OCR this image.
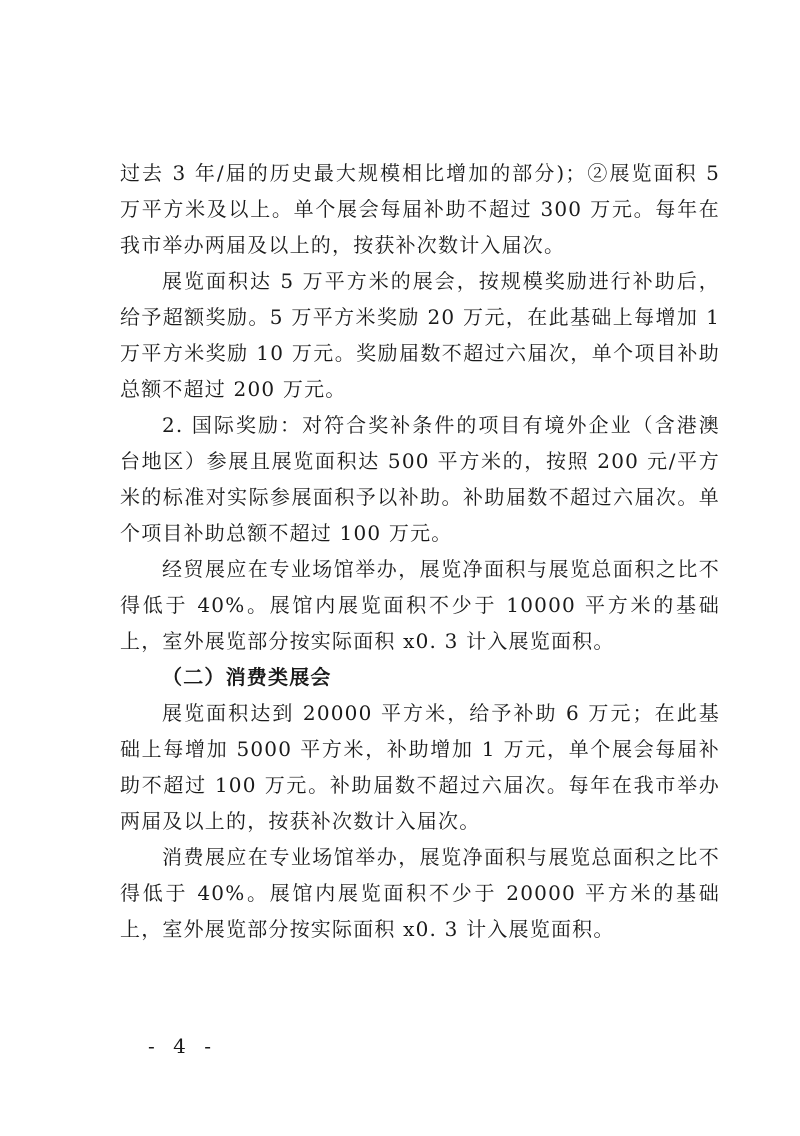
过去 3 年/届的历史最大规模相比增加的部分)；②展览面积 5 万平方米及以上。单个展会每届补助不超过 300 万元。每年在我市举办两届及以上的，按获补次数计入届次。

展览面积达 5 万平方米的展会，按规模奖励进行补助后，给予超额奖励。5 万平方米奖励 20 万元，在此基础上每增加 1 万平方米奖励 10 万元。奖励届数不超过六届次，单个项目补助总额不超过 200 万元。

2. 国际奖励：对符合奖补条件的项目有境外企业（含港澳台地区）参展且展览面积达 500 平方米的，按照 200 元/平方米的标准对实际参展面积予以补助。补助届数不超过六届次。单个项目补助总额不超过 100 万元。

经贸展应在专业场馆举办，展览净面积与展览总面积之比不得低于 40%。展馆内展览面积不少于 10000 平方米的基础上，室外展览部分按实际面积 x0. 3 计入展览面积。

（二）消费类展会

展览面积达到 20000 平方米，给予补助 6 万元；在此基础上每增加 5000 平方米，补助增加 1 万元，单个展会每届补助不超过 100 万元。补助届数不超过六届次。每年在我市举办两届及以上的，按获补次数计入届次。

消费展应在专业场馆举办，展览净面积与展览总面积之比不得低于 40%。展馆内展览面积不少于 20000 平方米的基础上，室外展览部分按实际面积 x0. 3 计入展览面积。

- 4 -
